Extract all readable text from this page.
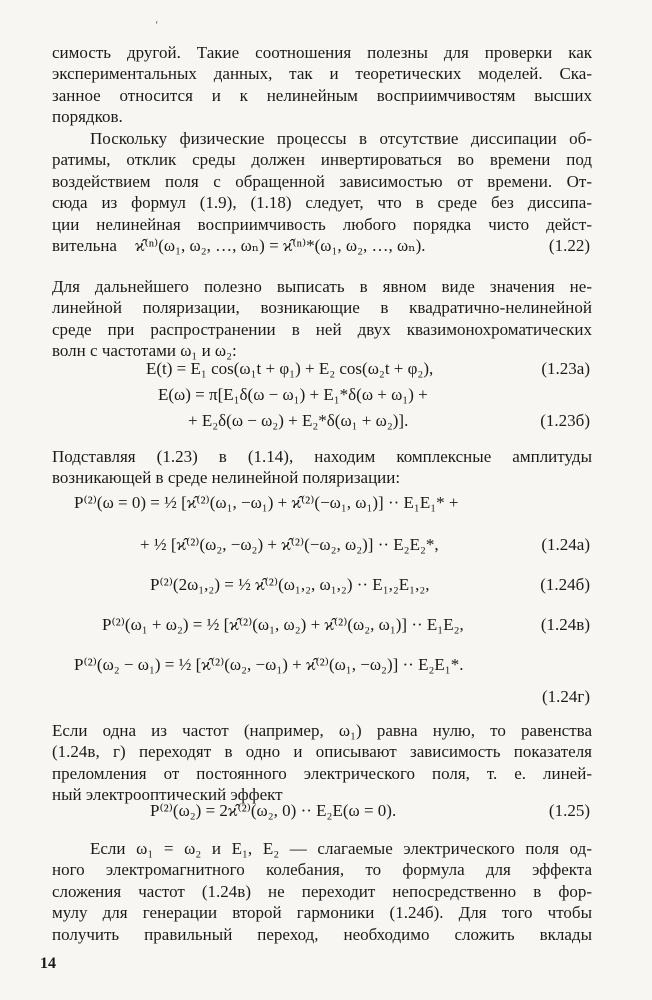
ʻ
симость другой. Такие соотношения полезны для проверки как
экспериментальных данных, так и теоретических моделей. Ска-
занное относится и к нелинейным восприимчивостям высших
порядков.
Поскольку физические процессы в отсутствие диссипации об-
ратимы, отклик среды должен инвертироваться во времени под
воздействием поля с обращенной зависимостью от времени. От-
сюда из формул (1.9), (1.18) следует, что в среде без диссипа-
ции нелинейная восприимчивость любого порядка чисто дейст-
вительна	ϰ̂⁽ⁿ⁾(ω₁, ω₂, …, ωₙ) = ϰ̂⁽ⁿ⁾*(ω₁, ω₂, …, ωₙ).	(1.22)
Для дальнейшего полезно выписать в явном виде значения не-
линейной поляризации, возникающие в квадратично-нелинейной
среде при распространении в ней двух квазимонохроматических
волн с частотами ω₁ и ω₂:
E(t) = E₁ cos(ω₁t + φ₁) + E₂ cos(ω₂t + φ₂),	(1.23а)
E(ω) = π[E₁δ(ω − ω₁) + E₁*δ(ω + ω₁) +
+ E₂δ(ω − ω₂) + E₂*δ(ω₁ + ω₂)].	(1.23б)
Подставляя (1.23) в (1.14), находим комплексные амплитуды
возникающей в среде нелинейной поляризации:
P⁽²⁾(ω = 0) = ½ [ϰ̂⁽²⁾(ω₁, −ω₁) + ϰ̂⁽²⁾(−ω₁, ω₁)] ·· E₁E₁* +
+ ½ [ϰ̂⁽²⁾(ω₂, −ω₂) + ϰ̂⁽²⁾(−ω₂, ω₂)] ·· E₂E₂*,	(1.24а)
P⁽²⁾(2ω₁,₂) = ½ ϰ̂⁽²⁾(ω₁,₂, ω₁,₂) ·· E₁,₂E₁,₂,	(1.24б)
P⁽²⁾(ω₁ + ω₂) = ½ [ϰ̂⁽²⁾(ω₁, ω₂) + ϰ̂⁽²⁾(ω₂, ω₁)] ·· E₁E₂,	(1.24в)
P⁽²⁾(ω₂ − ω₁) = ½ [ϰ̂⁽²⁾(ω₂, −ω₁) + ϰ̂⁽²⁾(ω₁, −ω₂)] ·· E₂E₁*.
(1.24г)
Если одна из частот (например, ω₁) равна нулю, то равенства
(1.24в, г) переходят в одно и описывают зависимость показателя
преломления от постоянного электрического поля, т. е. линей-
ный электрооптический эффект
P⁽²⁾(ω₂) = 2ϰ̂⁽²⁾(ω₂, 0) ·· E₂E(ω = 0).	(1.25)
Если ω₁ = ω₂ и E₁, E₂ — слагаемые электрического поля од-
ного электромагнитного колебания, то формула для эффекта
сложения частот (1.24в) не переходит непосредственно в фор-
мулу для генерации второй гармоники (1.24б). Для того чтобы
получить правильный переход, необходимо сложить вклады
14
